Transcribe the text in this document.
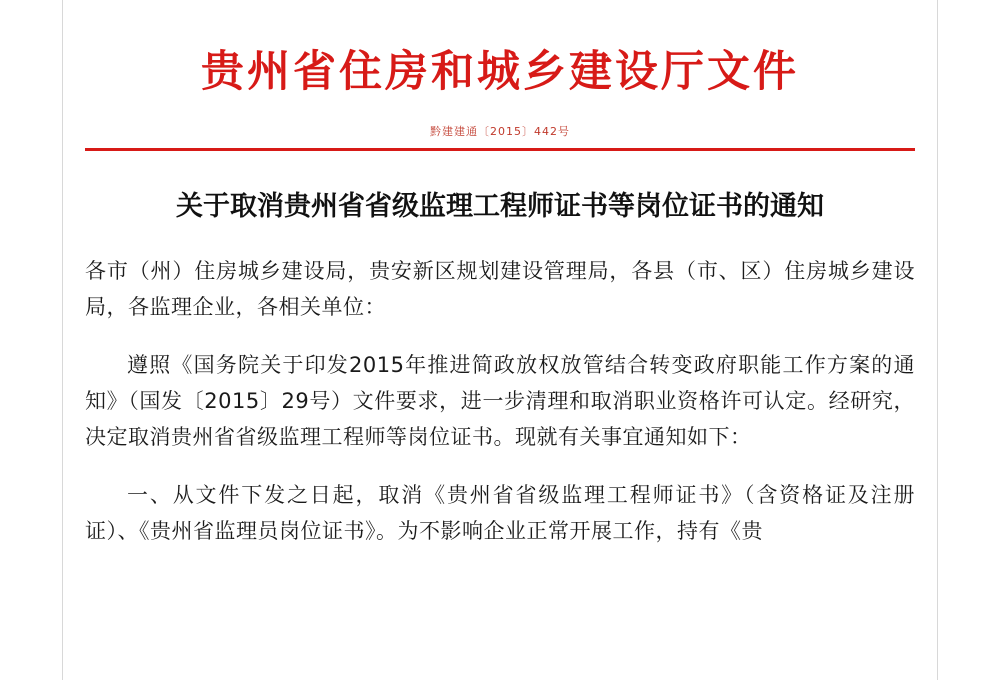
贵州省住房和城乡建设厅文件
黔建建通〔2015〕442号
关于取消贵州省省级监理工程师证书等岗位证书的通知
各市（州）住房城乡建设局，贵安新区规划建设管理局，各县（市、区）住房城乡建设局，各监理企业，各相关单位：
遵照《国务院关于印发2015年推进简政放权放管结合转变政府职能工作方案的通知》（国发〔2015〕29号）文件要求，进一步清理和取消职业资格许可认定。经研究，决定取消贵州省省级监理工程师等岗位证书。现就有关事宜通知如下：
一、从文件下发之日起，取消《贵州省省级监理工程师证书》（含资格证及注册证）、《贵州省监理员岗位证书》。为不影响企业正常开展工作，持有《贵
